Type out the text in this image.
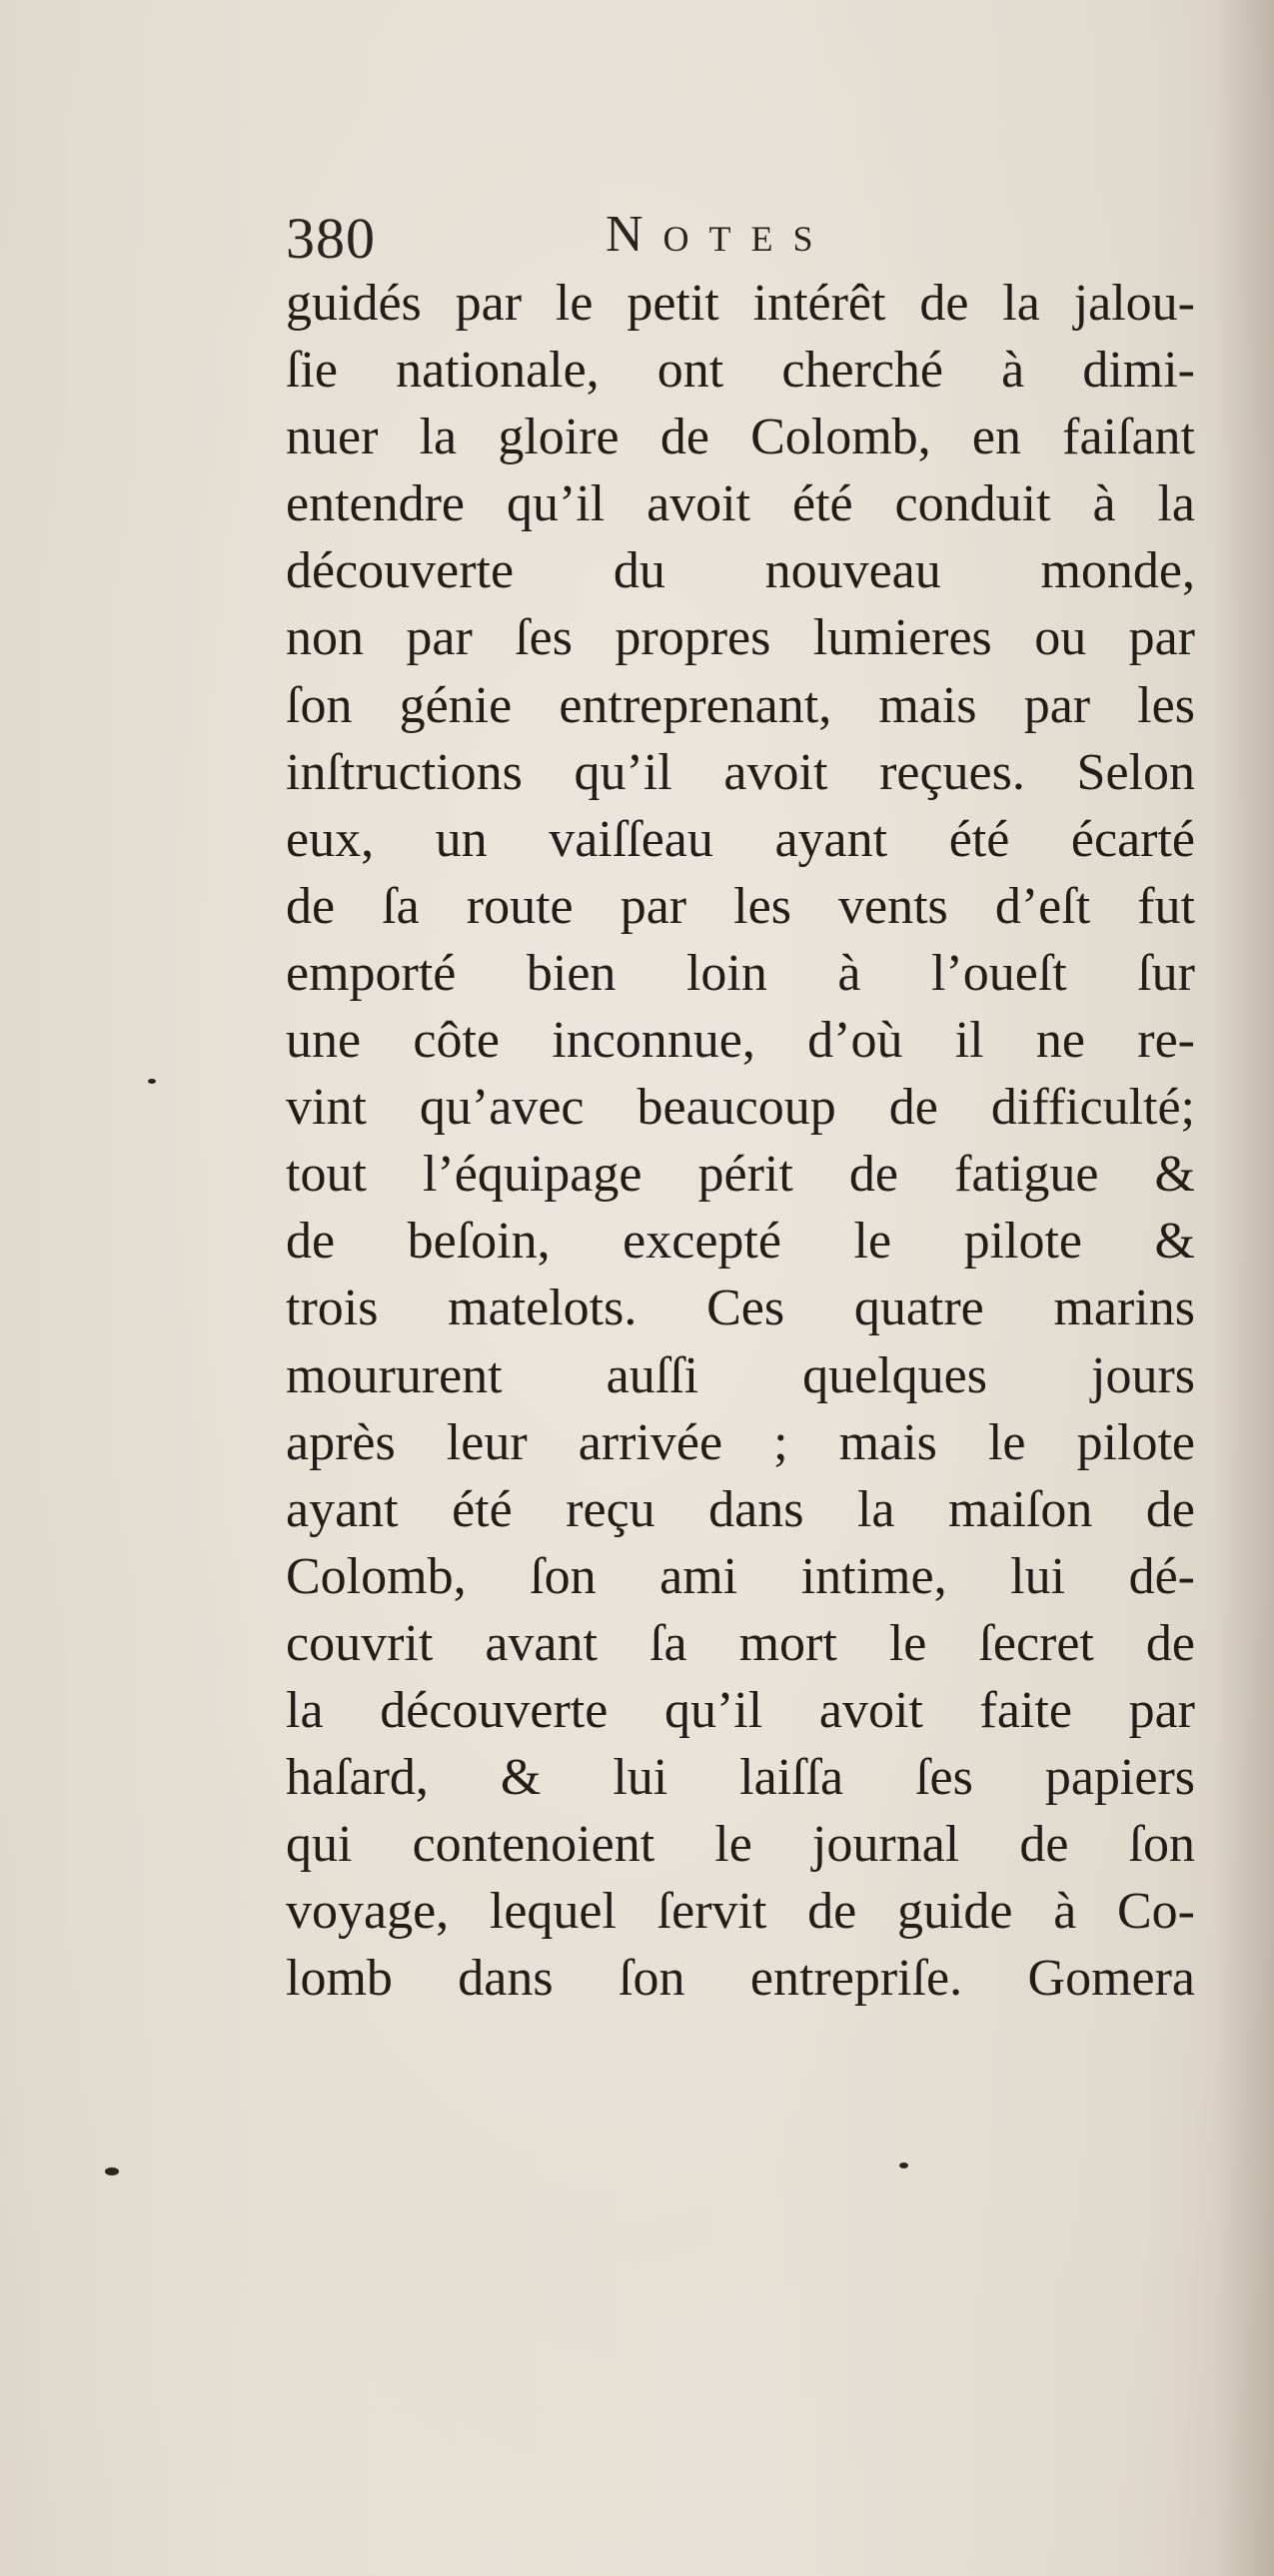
380	Notes
guidés par le petit intérêt de la jalou-
ſie nationale, ont cherché à dimi-
nuer la gloire de Colomb, en faiſant
entendre qu’il avoit été conduit à la
découverte du nouveau monde,
non par ſes propres lumieres ou par
ſon génie entreprenant, mais par les
inſtructions qu’il avoit reçues. Selon
eux, un vaiſſeau ayant été écarté
de ſa route par les vents d’eſt fut
emporté bien loin à l’oueſt ſur
une côte inconnue, d’où il ne re-
vint qu’avec beaucoup de difficulté;
tout l’équipage périt de fatigue &
de beſoin, excepté le pilote &
trois matelots. Ces quatre marins
moururent auſſi quelques jours
après leur arrivée ; mais le pilote
ayant été reçu dans la maiſon de
Colomb, ſon ami intime, lui dé-
couvrit avant ſa mort le ſecret de
la découverte qu’il avoit faite par
haſard, & lui laiſſa ſes papiers
qui contenoient le journal de ſon
voyage, lequel ſervit de guide à Co-
lomb dans ſon entrepriſe. Gomera
